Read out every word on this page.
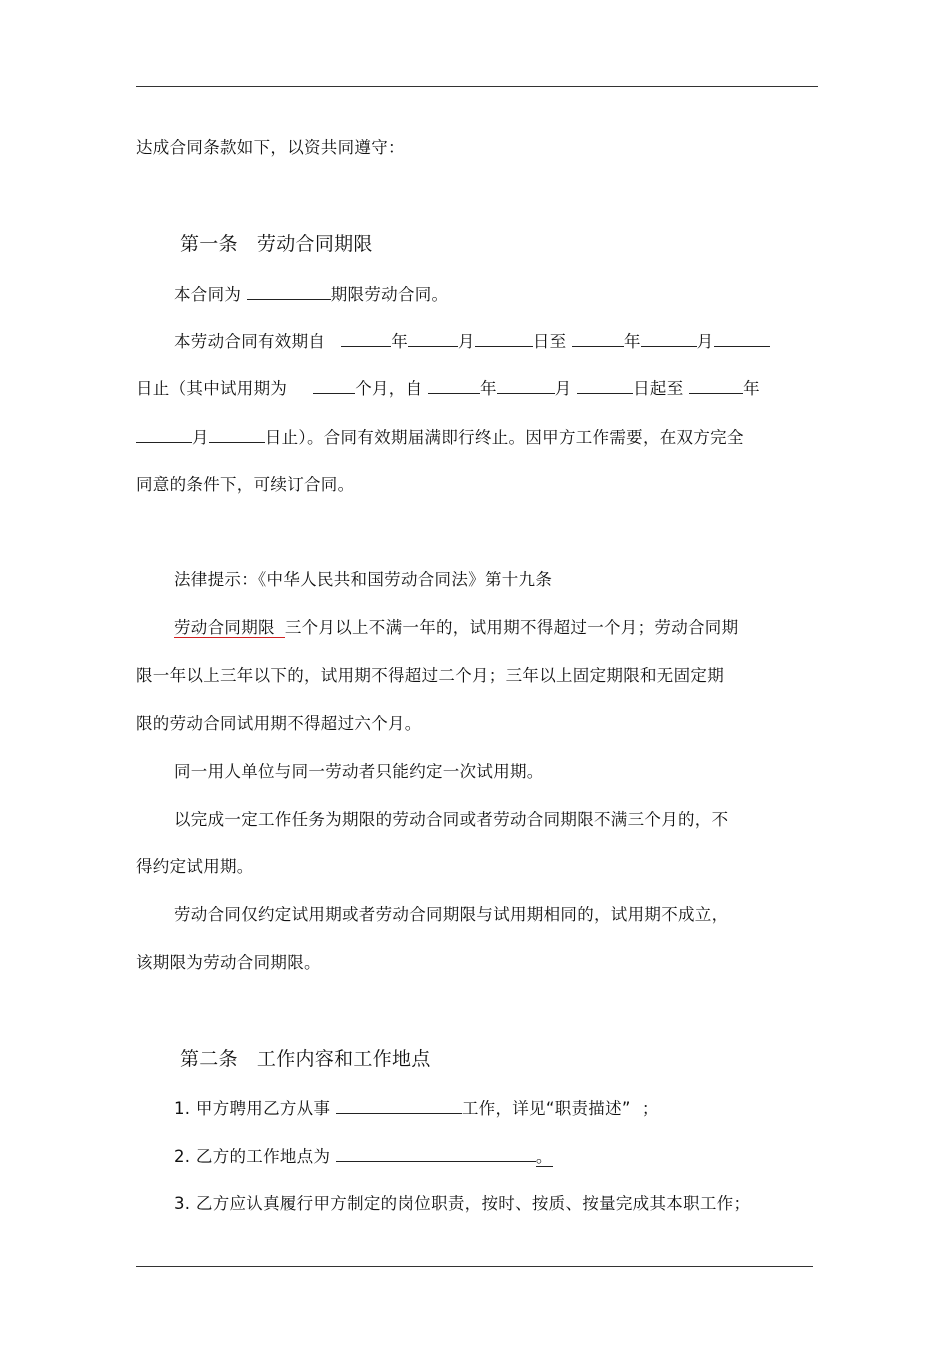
达成合同条款如下，以资共同遵守：
第一条   劳动合同期限
本合同为	期限劳动合同。
本劳动合同有效期自	年	月	日至	年	月
日止（其中试用期为	个月，自	年	月	日起至	年
月	日止）。合同有效期届满即行终止。因甲方工作需要，在双方完全
同意的条件下，可续订合同。
法律提示：《中华人民共和国劳动合同法》第十九条
劳动合同期限 三个月以上不满一年的，试用期不得超过一个月；劳动合同期
限一年以上三年以下的，试用期不得超过二个月；三年以上固定期限和无固定期
限的劳动合同试用期不得超过六个月。
同一用人单位与同一劳动者只能约定一次试用期。
以完成一定工作任务为期限的劳动合同或者劳动合同期限不满三个月的，不
得约定试用期。
劳动合同仅约定试用期或者劳动合同期限与试用期相同的，试用期不成立，
该期限为劳动合同期限。
第二条   工作内容和工作地点
1. 甲方聘用乙方从事	工作，详见“职责描述”  ；
2. 乙方的工作地点为	。
3. 乙方应认真履行甲方制定的岗位职责，按时、按质、按量完成其本职工作；
